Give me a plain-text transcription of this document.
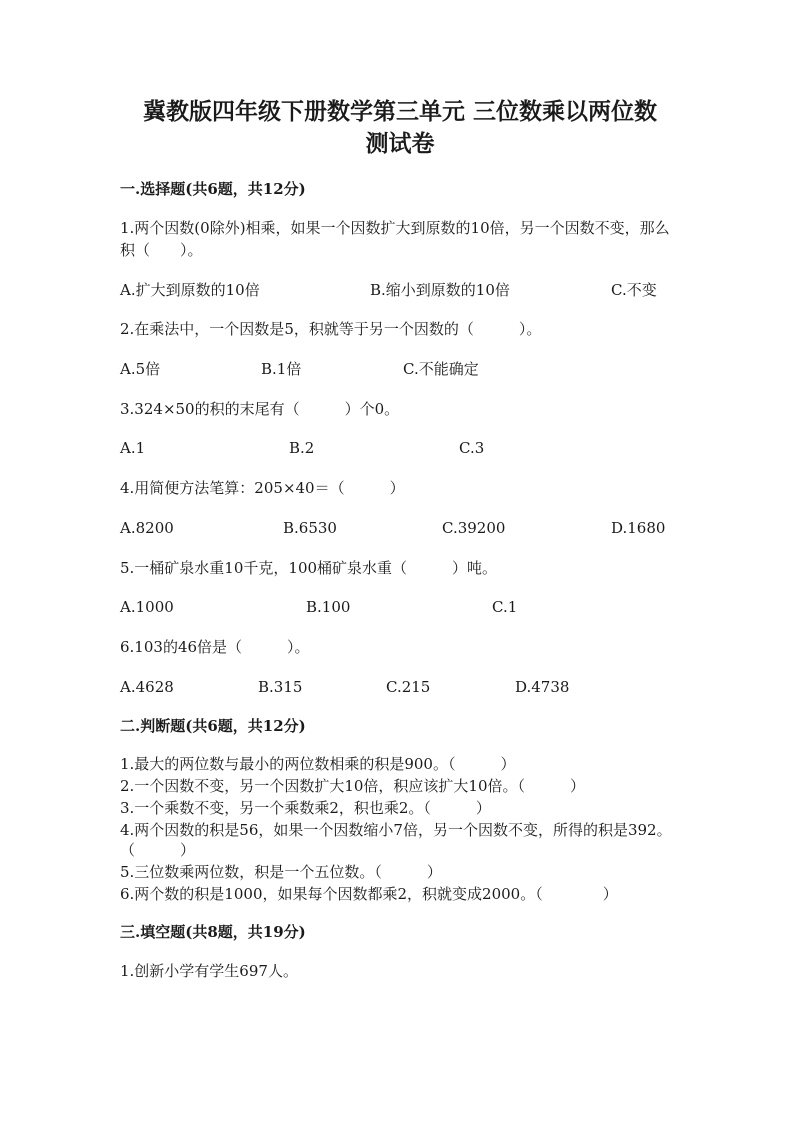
冀教版四年级下册数学第三单元 三位数乘以两位数
测试卷
一.选择题(共6题，共12分)

1.两个因数(0除外)相乘，如果一个因数扩大到原数的10倍，另一个因数不变，那么积（　　）。

A.扩大到原数的10倍	B.缩小到原数的10倍	C.不变

2.在乘法中，一个因数是5，积就等于另一个因数的（　　　）。

A.5倍	B.1倍	C.不能确定

3.324×50的积的末尾有（　　　）个0。

A.1	B.2	C.3

4.用简便方法笔算：205×40＝（　　　）

A.8200	B.6530	C.39200	D.1680

5.一桶矿泉水重10千克，100桶矿泉水重（　　　）吨。

A.1000	B.100	C.1

6.103的46倍是（　　　）。

A.4628	B.315	C.215	D.4738
二.判断题(共6题，共12分)

1.最大的两位数与最小的两位数相乘的积是900。（　　　）

2.一个因数不变，另一个因数扩大10倍，积应该扩大10倍。（　　　）

3.一个乘数不变，另一个乘数乘2，积也乘2。（　　　）

4.两个因数的积是56，如果一个因数缩小7倍，另一个因数不变，所得的积是392。（　　　）

5.三位数乘两位数，积是一个五位数。（　　　）

6.两个数的积是1000，如果每个因数都乘2，积就变成2000。（　　　　）

三.填空题(共8题，共19分)

1.创新小学有学生697人。
